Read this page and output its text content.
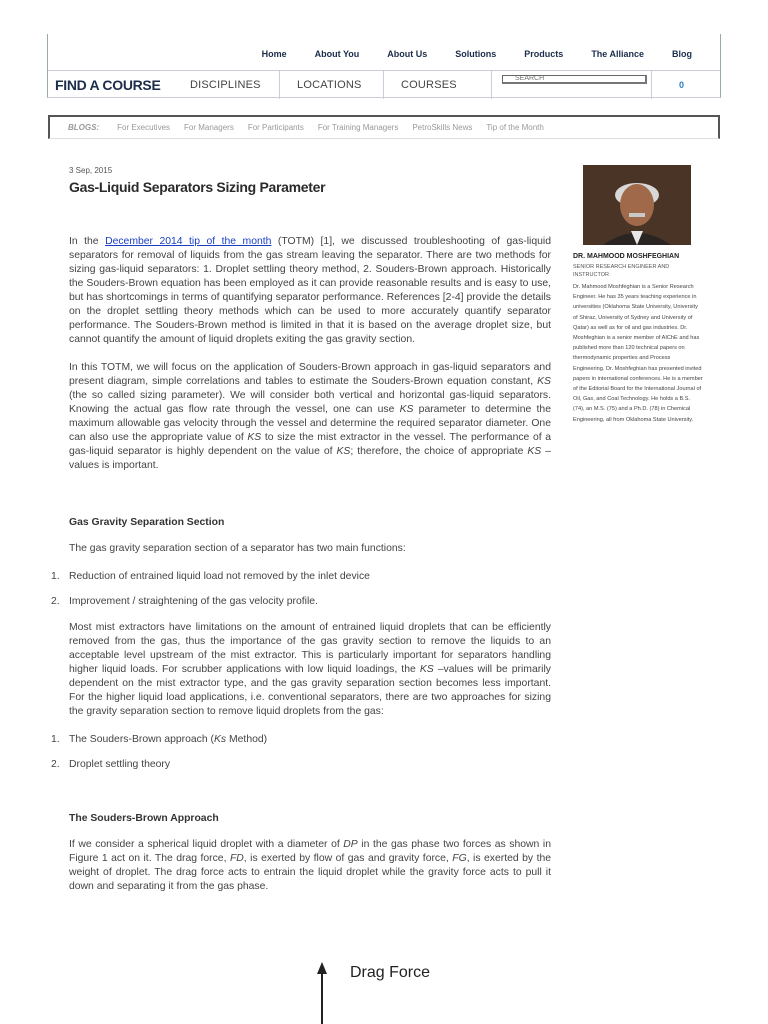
Home	About You	About Us	Solutions	Products	The Alliance	Blog
FIND A COURSE	DISCIPLINES	LOCATIONS	COURSES
SEARCH	0
BLOGS: For Executives For Managers For Participants For Training Managers PetroSkills News Tip of the Month
3 Sep, 2015
Gas-Liquid Separators Sizing Parameter

In the December 2014 tip of the month (TOTM) [1], we discussed troubleshooting of gas-liquid separators for removal of liquids from the gas stream leaving the separator. There are two methods for sizing gas-liquid separators: 1. Droplet settling theory method, 2. Souders-Brown approach. Historically the Souders-Brown equation has been employed as it can provide reasonable results and is easy to use, but has shortcomings in terms of quantifying separator performance. References [2-4] provide the details on the droplet settling theory methods which can be used to more accurately quantify separator performance. The Souders-Brown method is limited in that it is based on the average droplet size, but cannot quantify the amount of liquid droplets exiting the gas gravity section.

In this TOTM, we will focus on the application of Souders-Brown approach in gas-liquid separators and present diagram, simple correlations and tables to estimate the Souders-Brown equation constant, KS (the so called sizing parameter). We will consider both vertical and horizontal gas-liquid separators. Knowing the actual gas flow rate through the vessel, one can use KS parameter to determine the maximum allowable gas velocity through the vessel and determine the required separator diameter. One can also use the appropriate value of KS to size the mist extractor in the vessel. The performance of a gas-liquid separator is highly dependent on the value of KS; therefore, the choice of appropriate KS –values is important.

Gas Gravity Separation Section

The gas gravity separation section of a separator has two main functions:

1. Reduction of entrained liquid load not removed by the inlet device
2. Improvement / straightening of the gas velocity profile.

Most mist extractors have limitations on the amount of entrained liquid droplets that can be efficiently removed from the gas, thus the importance of the gas gravity section to remove the liquids to an acceptable level upstream of the mist extractor. This is particularly important for separators handling higher liquid loads. For scrubber applications with low liquid loadings, the KS –values will be primarily dependent on the mist extractor type, and the gas gravity separation section becomes less important. For the higher liquid load applications, i.e. conventional separators, there are two approaches for sizing the gravity separation section to remove liquid droplets from the gas:

1. The Souders-Brown approach (Ks Method)
2. Droplet settling theory
The Souders-Brown Approach

If we consider a spherical liquid droplet with a diameter of DP in the gas phase two forces as shown in Figure 1 act on it. The drag force, FD, is exerted by flow of gas and gravity force, FG, is exerted by the weight of droplet. The drag force acts to entrain the liquid droplet while the gravity force acts to pull it down and separating it from the gas phase.

Drag Force
DR. MAHMOOD MOSHFEGHIAN
SENIOR RESEARCH ENGINEER AND INSTRUCTOR
Dr. Mahmood Moshfeghian is a Senior Research Engineer. He has 35 years teaching experience in universities (Oklahoma State University, University of Shiraz, University of Sydney and University of Qatar) as well as for oil and gas industries. Dr. Moshfeghian is a senior member of AIChE and has published more than 120 technical papers on thermodynamic properties and Process Engineering. Dr. Moshfeghian has presented invited papers in international conferences. He is a member of the Editorial Board for the International Journal of Oil, Gas, and Coal Technology. He holds a B.S. (74), an M.S. (75) and a Ph.D. (78) in Chemical Engineering, all from Oklahoma State University.
